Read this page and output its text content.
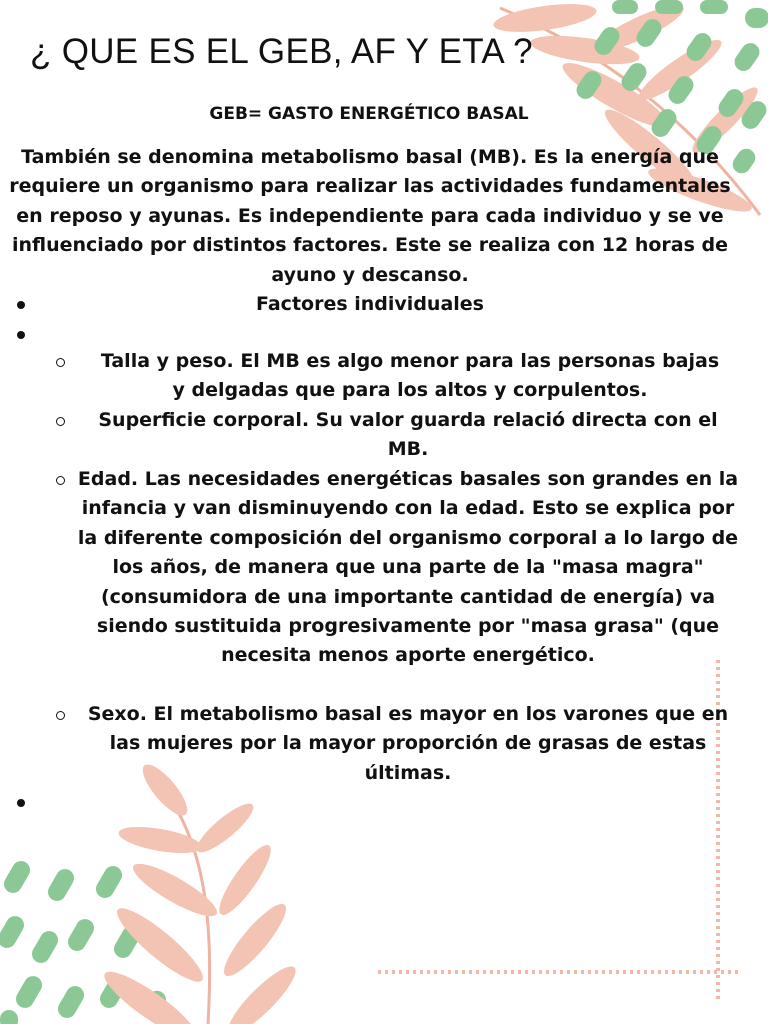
¿ QUE ES EL GEB, AF Y ETA ?
GEB= GASTO ENERGÉTICO BASAL

También se denomina metabolismo basal (MB). Es la energía que requiere un organismo para realizar las actividades fundamentales en reposo y ayunas. Es independiente para cada individuo y se ve influenciado por distintos factores. Este se realiza con 12 horas de ayuno y descanso.

Factores individuales

Talla y peso. El MB es algo menor para las personas bajas y delgadas que para los altos y corpulentos.

Superficie corporal. Su valor guarda relació directa con el MB.

Edad. Las necesidades energéticas basales son grandes en la infancia y van disminuyendo con la edad. Esto se explica por la diferente composición del organismo corporal a lo largo de los años, de manera que una parte de la "masa magra" (consumidora de una importante cantidad de energía) va siendo sustituida progresivamente por "masa grasa" (que necesita menos aporte energético.

Sexo. El metabolismo basal es mayor en los varones que en las mujeres por la mayor proporción de grasas de estas últimas.
